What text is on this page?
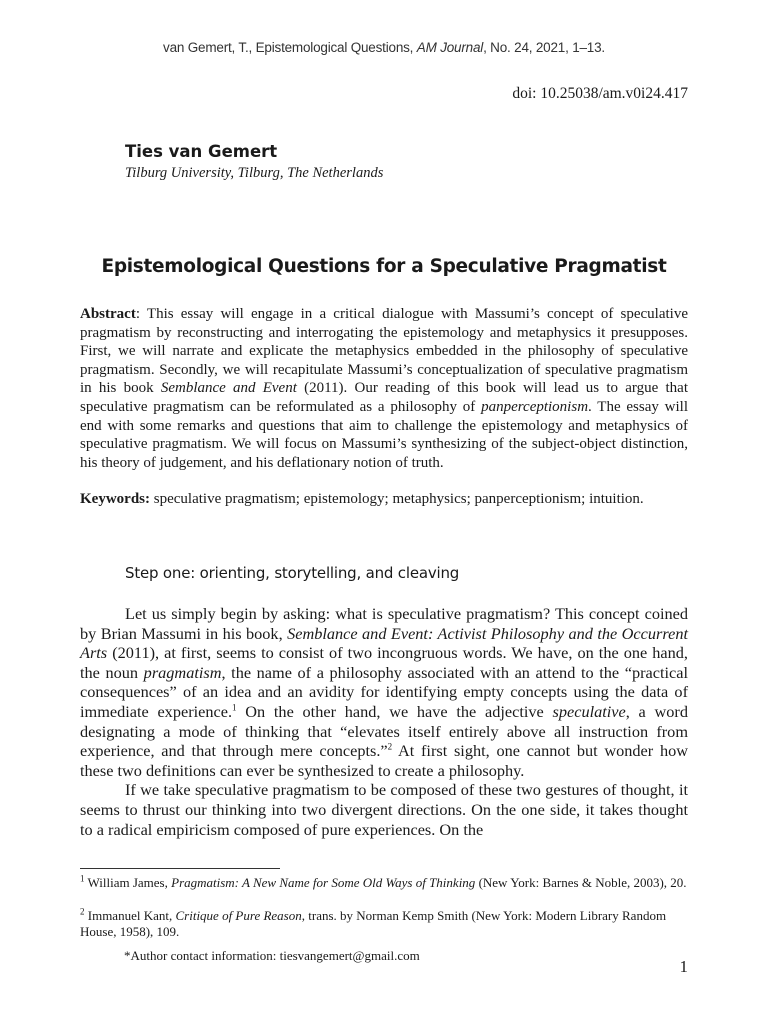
van Gemert, T., Epistemological Questions, AM Journal, No. 24, 2021, 1–13.
doi: 10.25038/am.v0i24.417
Ties van Gemert
Tilburg University, Tilburg, The Netherlands
Epistemological Questions for a Speculative Pragmatist
Abstract: This essay will engage in a critical dialogue with Massumi’s concept of speculative pragmatism by reconstructing and interrogating the epistemology and metaphysics it presupposes. First, we will narrate and explicate the metaphysics embedded in the philosophy of speculative pragmatism. Secondly, we will recapitulate Massumi’s conceptualization of speculative pragmatism in his book Semblance and Event (2011). Our reading of this book will lead us to argue that speculative pragmatism can be reformulated as a philosophy of panperceptionism. The essay will end with some remarks and questions that aim to challenge the epistemology and metaphysics of speculative pragmatism. We will focus on Massumi’s synthesizing of the subject-object distinction, his theory of judgement, and his deflationary notion of truth.
Keywords: speculative pragmatism; epistemology; metaphysics; panperceptionism; intuition.
Step one: orienting, storytelling, and cleaving

Let us simply begin by asking: what is speculative pragmatism? This concept coined by Brian Massumi in his book, Semblance and Event: Activist Philosophy and the Occurrent Arts (2011), at first, seems to consist of two incongruous words. We have, on the one hand, the noun pragmatism, the name of a philosophy associated with an attend to the “practical consequences” of an idea and an avidity for identifying empty concepts using the data of immediate experience.$^1$ On the other hand, we have the adjective speculative, a word designating a mode of thinking that “elevates itself entirely above all instruction from experience, and that through mere concepts.”$^2$ At first sight, one cannot but wonder how these two definitions can ever be synthesized to create a philosophy.

If we take speculative pragmatism to be composed of these two gestures of thought, it seems to thrust our thinking into two divergent directions. On the one side, it takes thought to a radical empiricism composed of pure experiences. On the

$^1$ William James, Pragmatism: A New Name for Some Old Ways of Thinking (New York: Barnes & Noble, 2003), 20.
$^2$ Immanuel Kant, Critique of Pure Reason, trans. by Norman Kemp Smith (New York: Modern Library Random House, 1958), 109.
*Author contact information: tiesvangemert@gmail.com
1
